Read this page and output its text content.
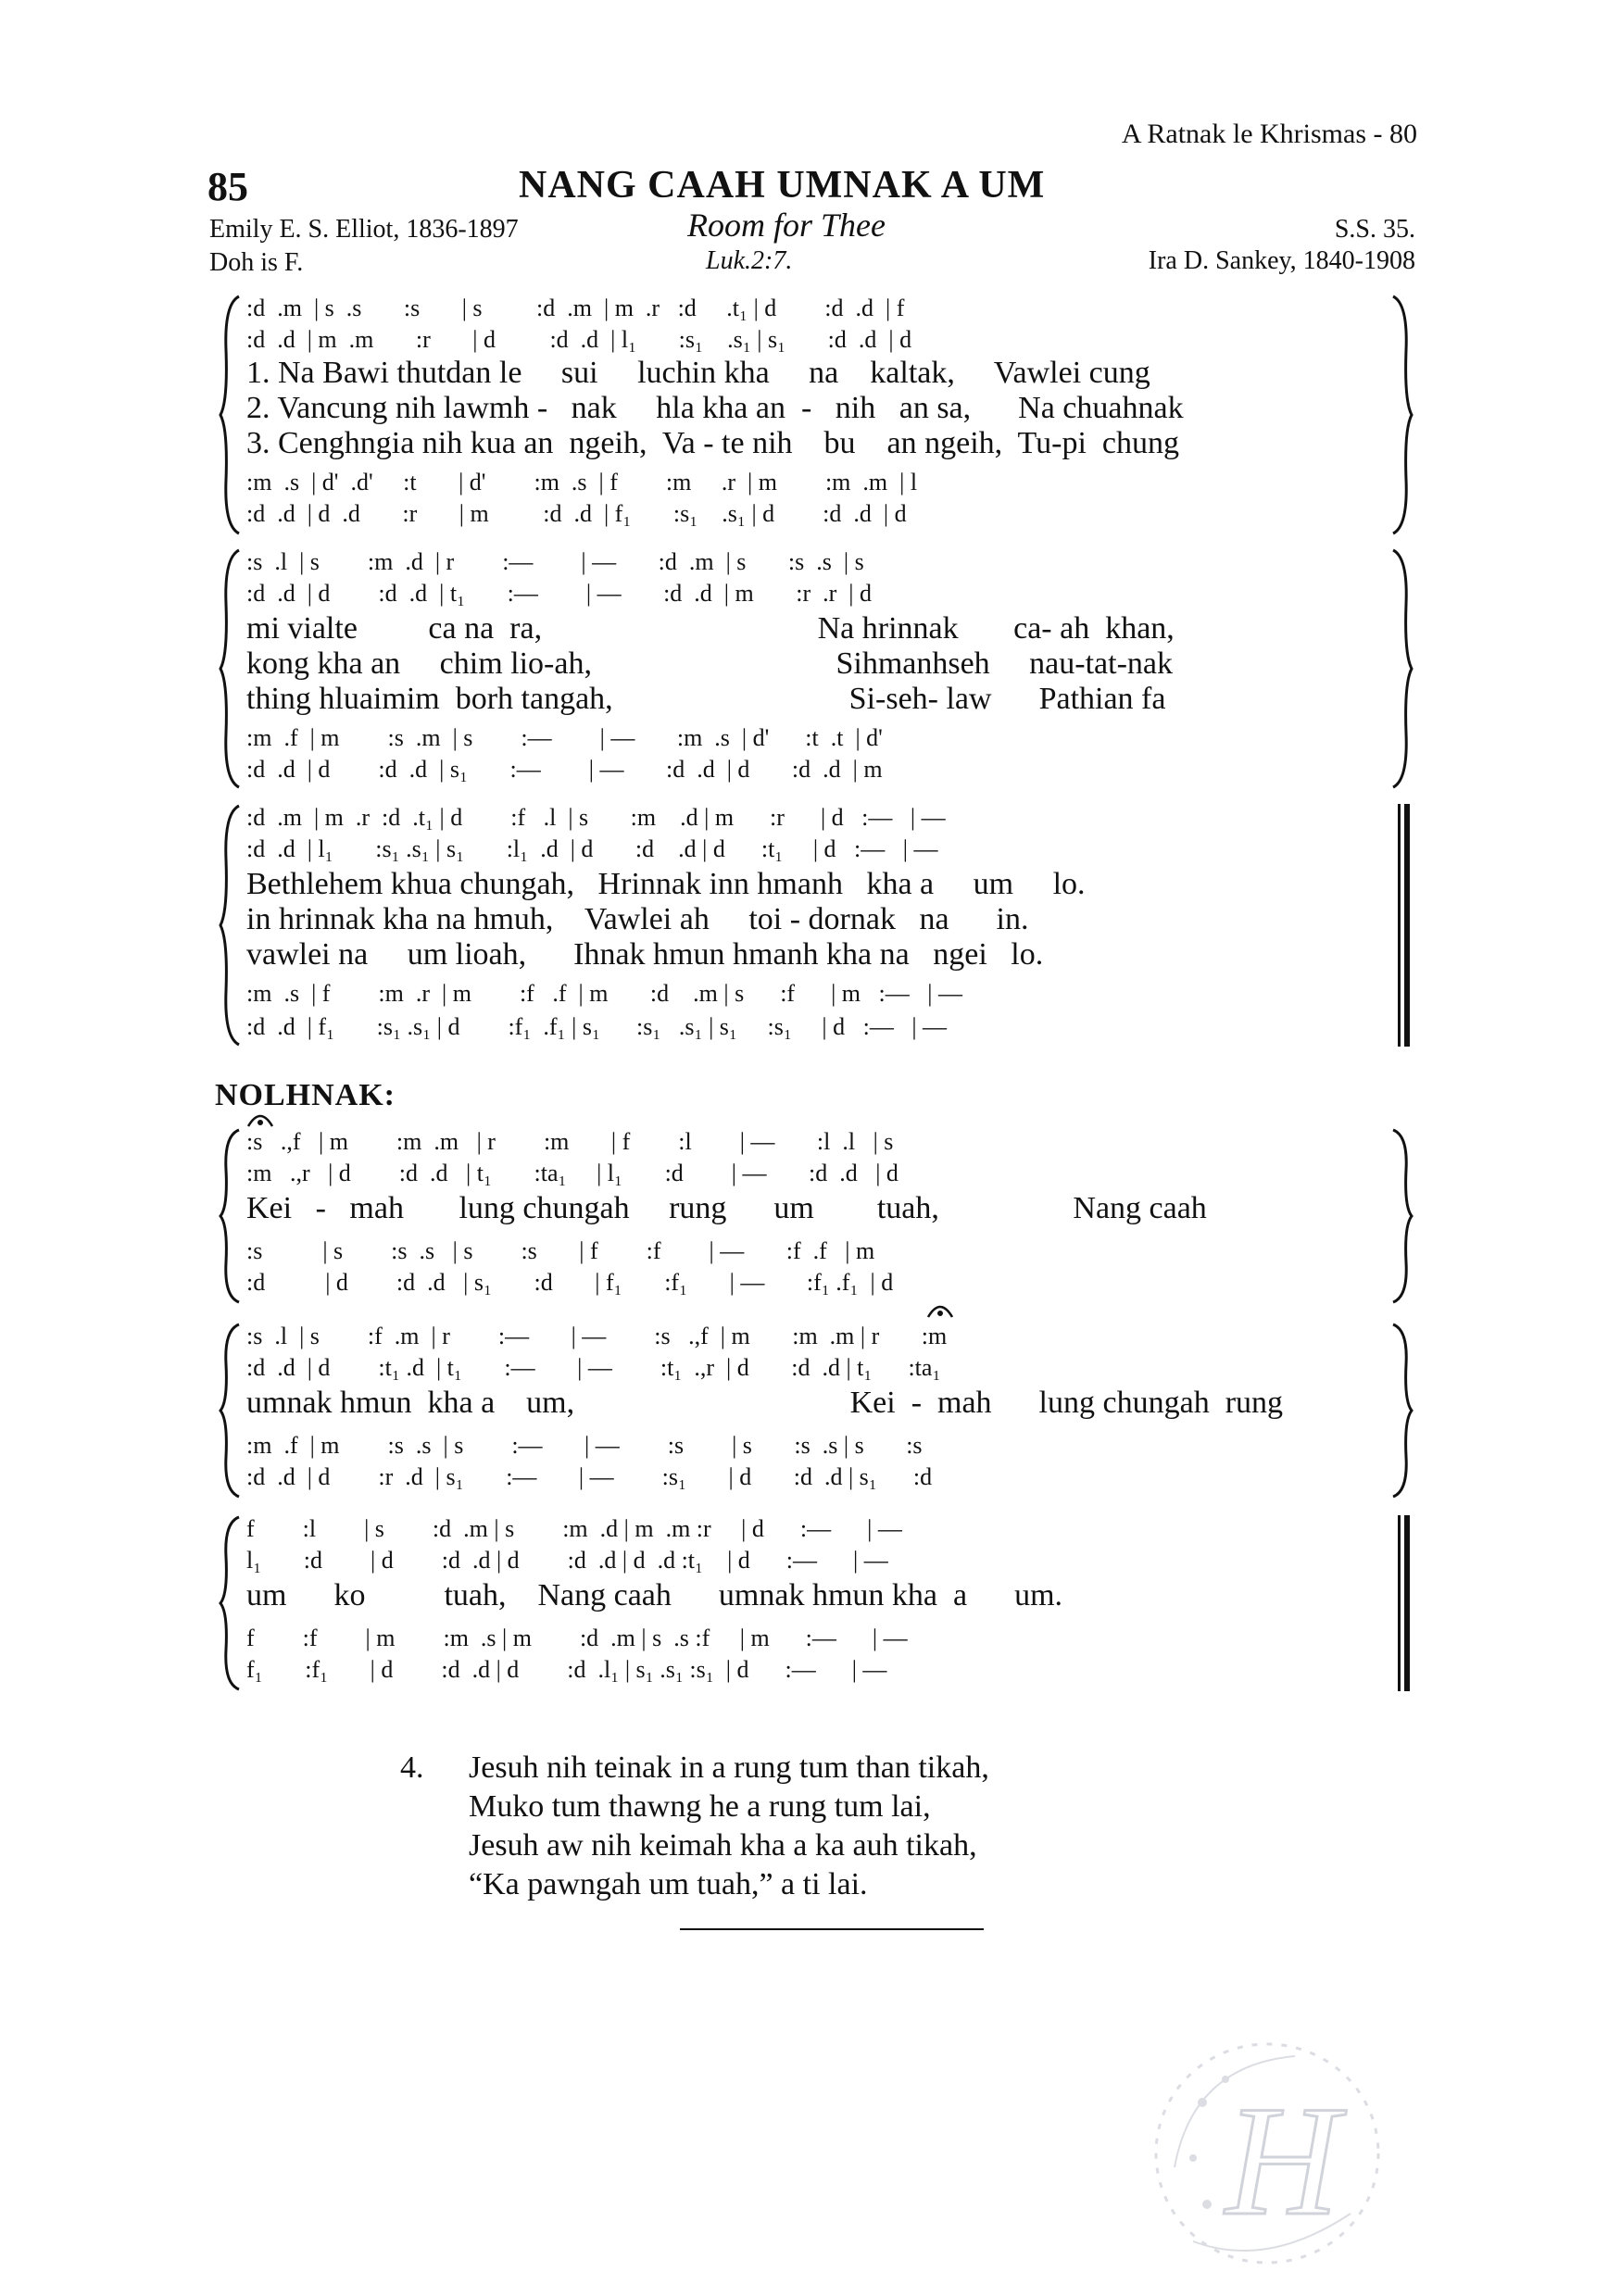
A Ratnak le Khrismas - 80
85	NANG CAAH UMNAK A UM
Emily E. S. Elliot, 1836-1897	Room for Thee	S.S. 35.
Doh is F.	Luk.2:7.	Ira D. Sankey, 1840-1908
:d  .m  | s  .s       :s       | s         :d  .m  | m  .r   :d     .t₁ | d        :d  .d  | f
:d  .d  | m  .m       :r       | d         :d  .d  | l₁       :s₁    .s₁ | s₁       :d  .d  | d
1. Na Bawi thutdan le     sui     luchin kha     na    kaltak,     Vawlei cung
2. Vancung nih lawmh -   nak     hla kha an  -   nih   an sa,      Na chuahnak
3. Cenghngia nih kua an  ngeih,  Va - te nih    bu    an ngeih,  Tu-pi  chung
:m  .s  | d'  .d'     :t       | d'        :m  .s  | f        :m     .r  | m        :m  .m  | l
:d  .d  | d  .d       :r       | m         :d  .d  | f₁       :s₁    .s₁ | d        :d  .d  | d
:s  .l  | s        :m  .d  | r        :—        | —       :d  .m  | s       :s  .s  | s
:d  .d  | d        :d  .d  | t₁       :—        | —       :d  .d  | m       :r  .r  | d
mi vialte         ca na  ra,                                   Na hrinnak       ca- ah  khan,
kong kha an     chim lio-ah,                               Sihmanhseh     nau-tat-nak
thing hluaimim  borh tangah,                              Si-seh- law      Pathian fa
:m  .f  | m        :s  .m  | s        :—        | —       :m  .s  | d'      :t  .t  | d'
:d  .d  | d        :d  .d  | s₁       :—        | —       :d  .d  | d       :d  .d  | m
:d  .m  | m  .r  :d  .t₁ | d        :f   .l  | s       :m    .d | m      :r      | d   :—   | —
:d  .d  | l₁       :s₁ .s₁ | s₁       :l₁  .d  | d       :d    .d | d      :t₁     | d   :—   | —
Bethlehem khua chungah,   Hrinnak inn hmanh   kha a     um     lo.
in hrinnak kha na hmuh,    Vawlei ah     toi - dornak   na      in.
vawlei na     um lioah,      Ihnak hmun hmanh kha na   ngei   lo.
:m  .s  | f        :m  .r  | m        :f   .f  | m       :d    .m | s      :f      | m   :—   | —
:d  .d  | f₁       :s₁ .s₁ | d        :f₁  .f₁ | s₁      :s₁   .s₁ | s₁     :s₁     | d   :—   | —
NOLHNAK:
:s   .,f   | m        :m  .m   | r        :m       | f        :l        | —       :l  .l   | s
:m   .,r   | d        :d  .d   | t₁       :ta₁     | l₁       :d        | —       :d  .d   | d
Kei   -   mah       lung chungah     rung      um        tuah,                 Nang caah
:s          | s        :s  .s   | s        :s       | f        :f        | —       :f  .f   | m
:d          | d        :d  .d   | s₁       :d       | f₁       :f₁       | —       :f₁ .f₁  | d
:s  .l  | s        :f  .m  | r        :—       | —        :s   .,f  | m       :m  .m | r       :m
:d  .d  | d        :t₁ .d  | t₁       :—       | —        :t₁  .,r  | d       :d  .d | t₁      :ta₁
umnak hmun  kha a    um,                                   Kei  -  mah      lung chungah  rung
:m  .f  | m        :s  .s  | s        :—       | —        :s        | s       :s  .s | s       :s
:d  .d  | d        :r  .d  | s₁       :—       | —        :s₁       | d       :d  .d | s₁      :d
f        :l        | s        :d  .m | s        :m  .d | m  .m :r     | d      :—      | —
l₁       :d        | d        :d  .d | d        :d  .d | d  .d :t₁    | d      :—      | —
um      ko          tuah,    Nang caah      umnak hmun kha  a      um.
f        :f        | m        :m  .s | m        :d  .m | s  .s :f     | m      :—      | —
f₁       :f₁       | d        :d  .d | d        :d  .l₁ | s₁ .s₁ :s₁  | d      :—      | —
4. Jesuh nih teinak in a rung tum than tikah,
Muko tum thawng he a rung tum lai,
Jesuh aw nih keimah kha a ka auh tikah,
“Ka pawngah um tuah,” a ti lai.
H
